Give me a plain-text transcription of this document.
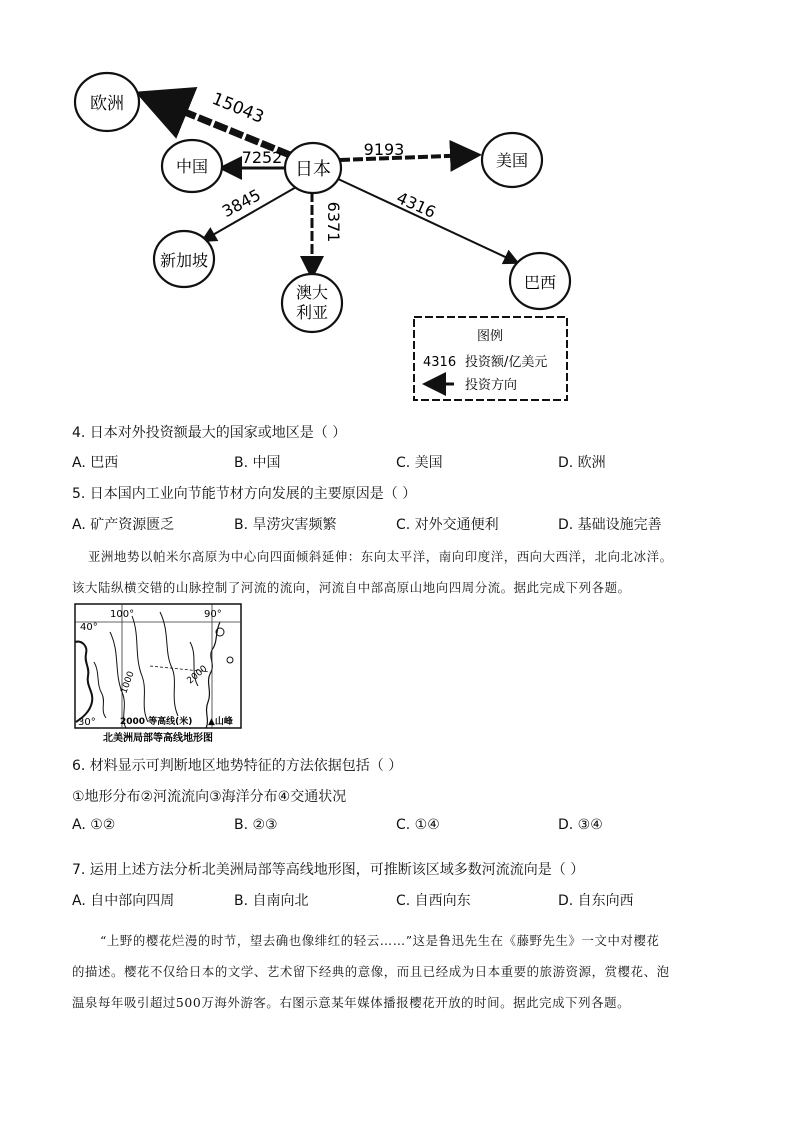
日本
欧洲
中国	美国
新加坡
澳大
利亚
巴西
15043
7252	9193
3845	6371	4316
图例
4316 投资额/亿美元
投资方向
4. 日本对外投资额最大的国家或地区是（ ）
A. 巴西	B. 中国	C. 美国	D. 欧洲
5. 日本国内工业向节能节材方向发展的主要原因是（ ）
A. 矿产资源匮乏	B. 旱涝灾害频繁	C. 对外交通便利	D. 基础设施完善
亚洲地势以帕米尔高原为中心向四面倾斜延伸：东向太平洋，南向印度洋，西向大西洋，北向北冰洋。
该大陆纵横交错的山脉控制了河流的流向，河流自中部高原山地向四周分流。据此完成下列各题。
100°	90°
40°
1000	2000
30°	2000 等高线(米) ▲山峰
北美洲局部等高线地形图
6. 材料显示可判断地区地势特征的方法依据包括（ ）
①地形分布②河流流向③海洋分布④交通状况
A. ①②	B. ②③	C. ①④	D. ③④
7. 运用上述方法分析北美洲局部等高线地形图，可推断该区域多数河流流向是（ ）
A. 自中部向四周	B. 自南向北	C. 自西向东	D. 自东向西
“上野的樱花烂漫的时节，望去确也像绯红的轻云……”这是鲁迅先生在《藤野先生》一文中对樱花
的描述。樱花不仅给日本的文学、艺术留下经典的意像，而且已经成为日本重要的旅游资源，赏樱花、泡
温泉每年吸引超过500万海外游客。右图示意某年媒体播报樱花开放的时间。据此完成下列各题。
